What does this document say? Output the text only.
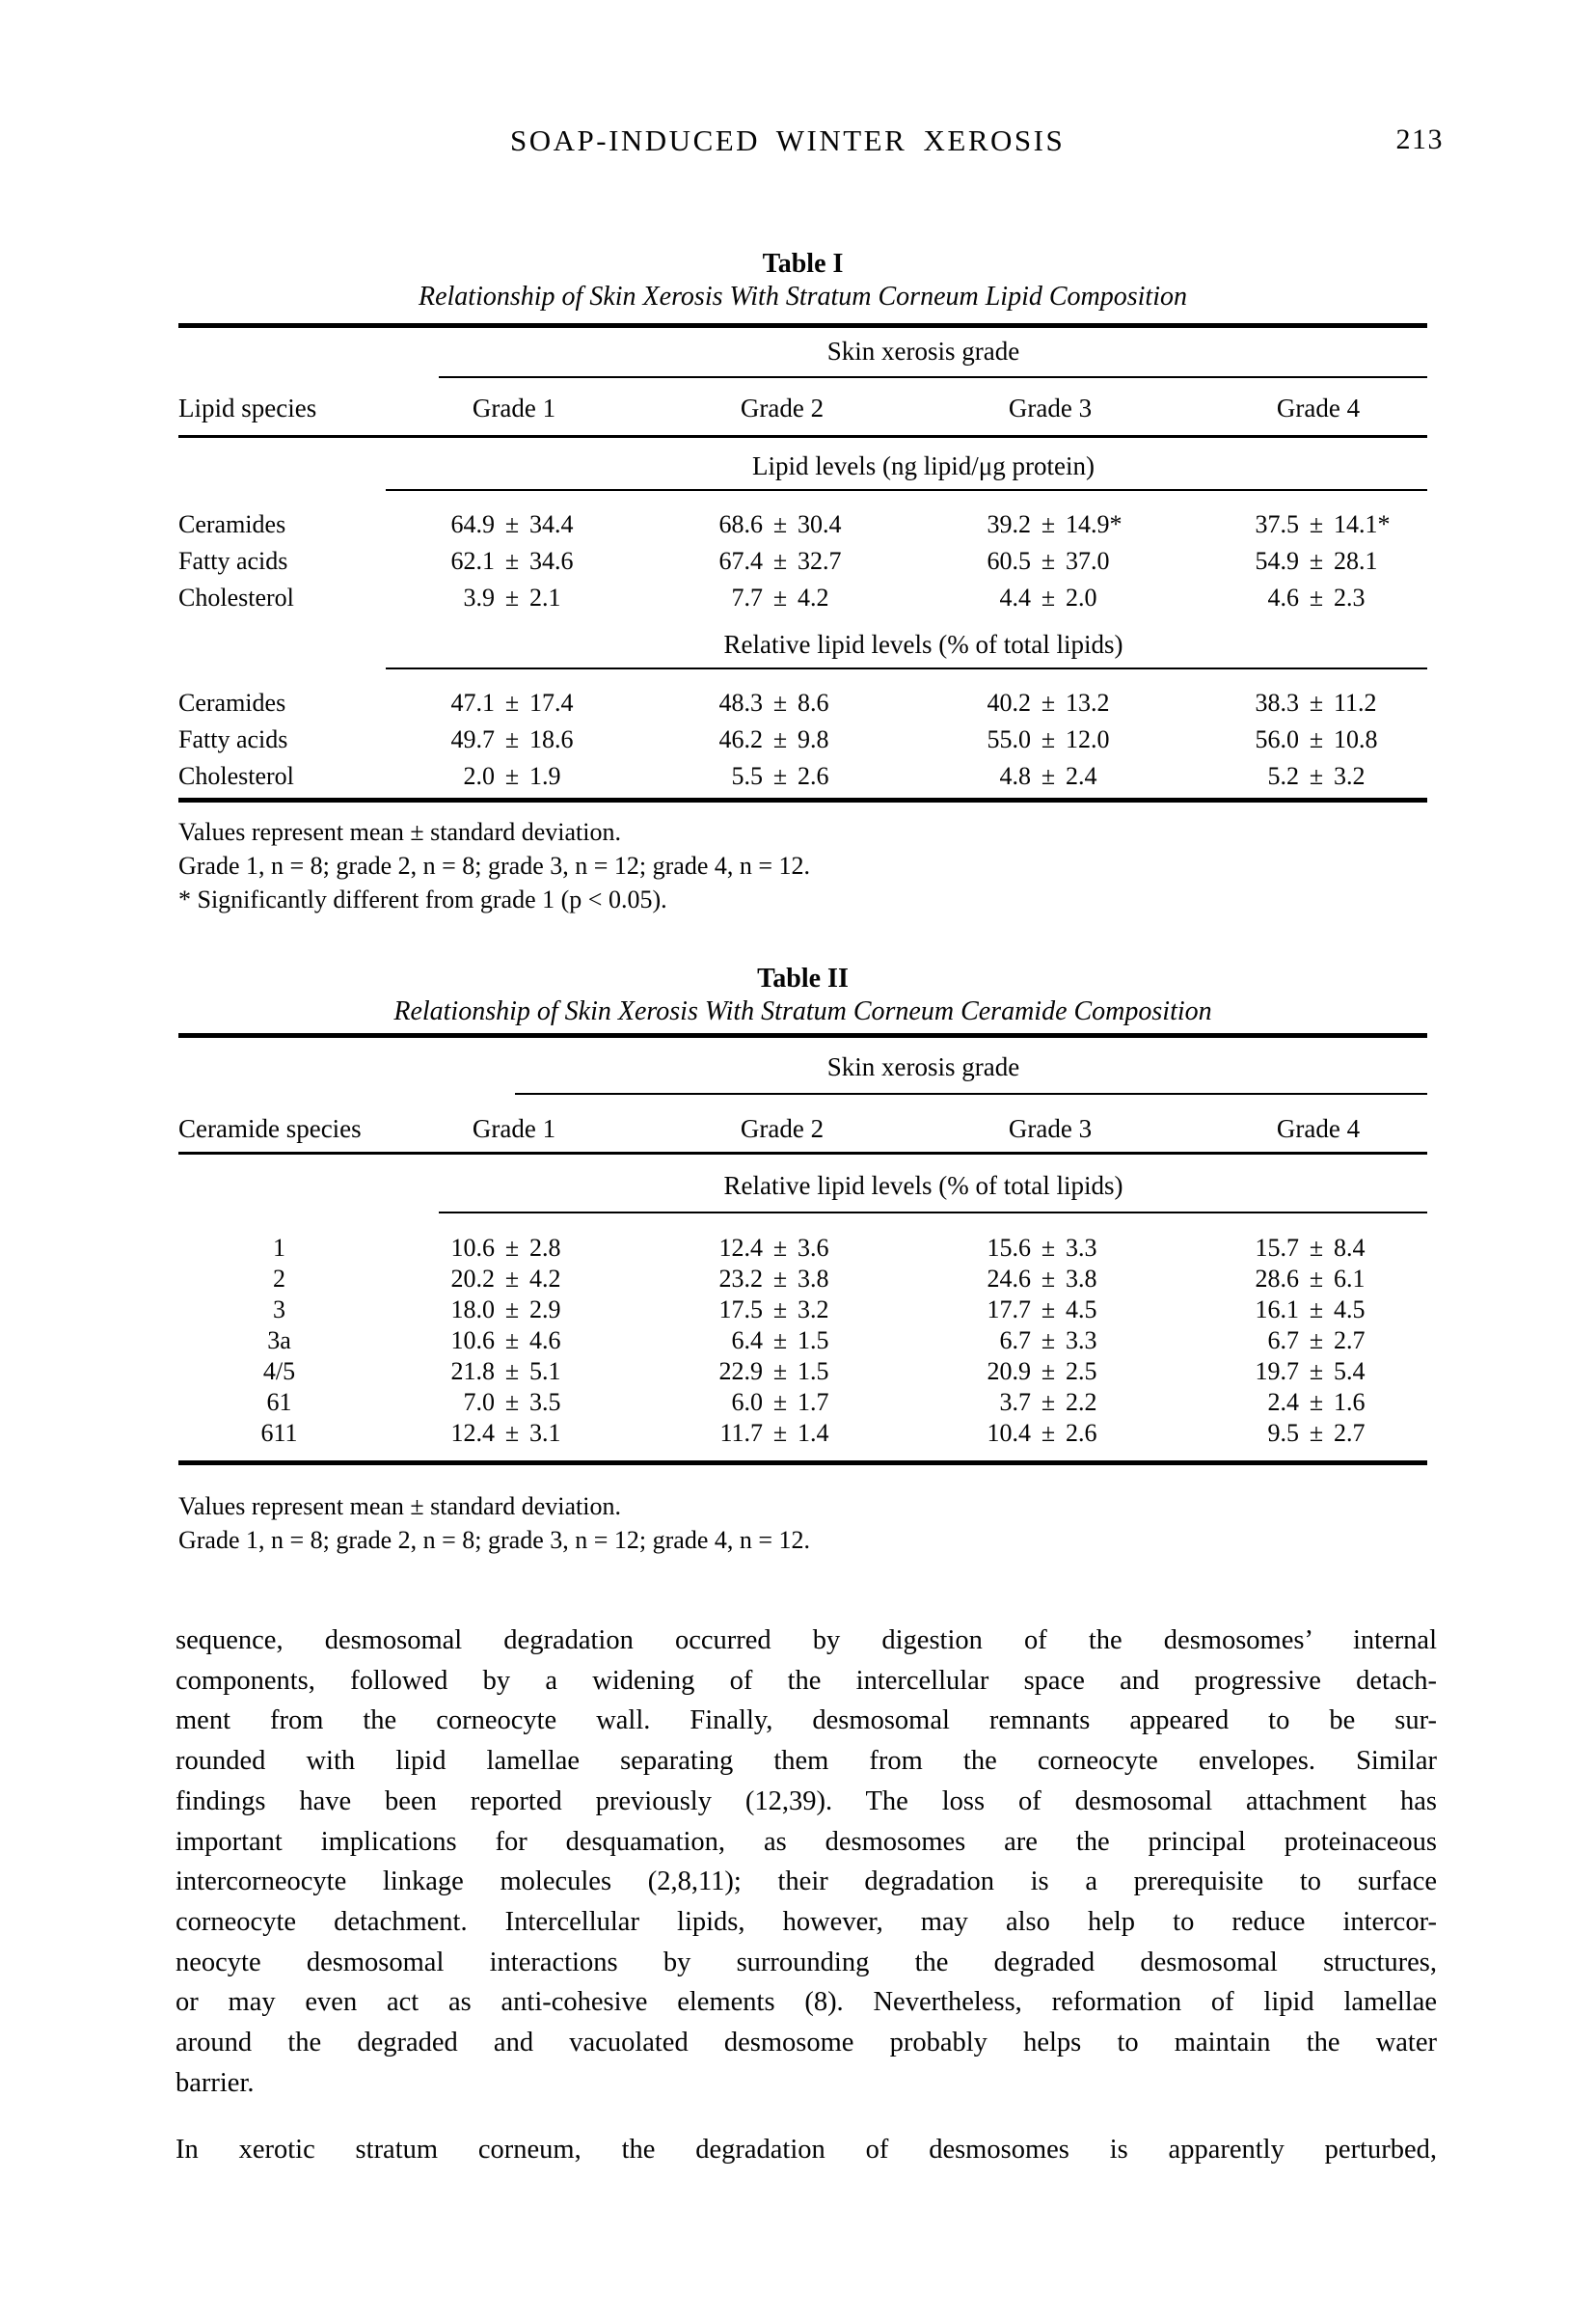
SOAP-INDUCED WINTER XEROSIS	213
Table I
Relationship of Skin Xerosis With Stratum Corneum Lipid Composition
Skin xerosis grade
Lipid species	Grade 1	Grade 2	Grade 3	Grade 4
Lipid levels (ng lipid/μg protein)
Ceramides	64.9 ± 34.4	68.6 ± 30.4	39.2 ± 14.9*	37.5 ± 14.1*
Fatty acids	62.1 ± 34.6	67.4 ± 32.7	60.5 ± 37.0	54.9 ± 28.1
Cholesterol	3.9 ± 2.1	7.7 ± 4.2	4.4 ± 2.0	4.6 ± 2.3
Relative lipid levels (% of total lipids)
Ceramides	47.1 ± 17.4	48.3 ± 8.6	40.2 ± 13.2	38.3 ± 11.2
Fatty acids	49.7 ± 18.6	46.2 ± 9.8	55.0 ± 12.0	56.0 ± 10.8
Cholesterol	2.0 ± 1.9	5.5 ± 2.6	4.8 ± 2.4	5.2 ± 3.2
Values represent mean ± standard deviation.
Grade 1, n = 8; grade 2, n = 8; grade 3, n = 12; grade 4, n = 12.
* Significantly different from grade 1 (p < 0.05).
Table II
Relationship of Skin Xerosis With Stratum Corneum Ceramide Composition
Skin xerosis grade
Ceramide species	Grade 1	Grade 2	Grade 3	Grade 4
Relative lipid levels (% of total lipids)
1	10.6 ± 2.8	12.4 ± 3.6	15.6 ± 3.3	15.7 ± 8.4
2	20.2 ± 4.2	23.2 ± 3.8	24.6 ± 3.8	28.6 ± 6.1
3	18.0 ± 2.9	17.5 ± 3.2	17.7 ± 4.5	16.1 ± 4.5
3a	10.6 ± 4.6	6.4 ± 1.5	6.7 ± 3.3	6.7 ± 2.7
4/5	21.8 ± 5.1	22.9 ± 1.5	20.9 ± 2.5	19.7 ± 5.4
61	7.0 ± 3.5	6.0 ± 1.7	3.7 ± 2.2	2.4 ± 1.6
611	12.4 ± 3.1	11.7 ± 1.4	10.4 ± 2.6	9.5 ± 2.7
Values represent mean ± standard deviation.
Grade 1, n = 8; grade 2, n = 8; grade 3, n = 12; grade 4, n = 12.
sequence, desmosomal degradation occurred by digestion of the desmosomes’ internal
components, followed by a widening of the intercellular space and progressive detach-
ment from the corneocyte wall. Finally, desmosomal remnants appeared to be sur-
rounded with lipid lamellae separating them from the corneocyte envelopes. Similar
findings have been reported previously (12,39). The loss of desmosomal attachment has
important implications for desquamation, as desmosomes are the principal proteinaceous
intercorneocyte linkage molecules (2,8,11); their degradation is a prerequisite to surface
corneocyte detachment. Intercellular lipids, however, may also help to reduce intercor-
neocyte desmosomal interactions by surrounding the degraded desmosomal structures,
or may even act as anti-cohesive elements (8). Nevertheless, reformation of lipid lamellae
around the degraded and vacuolated desmosome probably helps to maintain the water
barrier.
In xerotic stratum corneum, the degradation of desmosomes is apparently perturbed,
